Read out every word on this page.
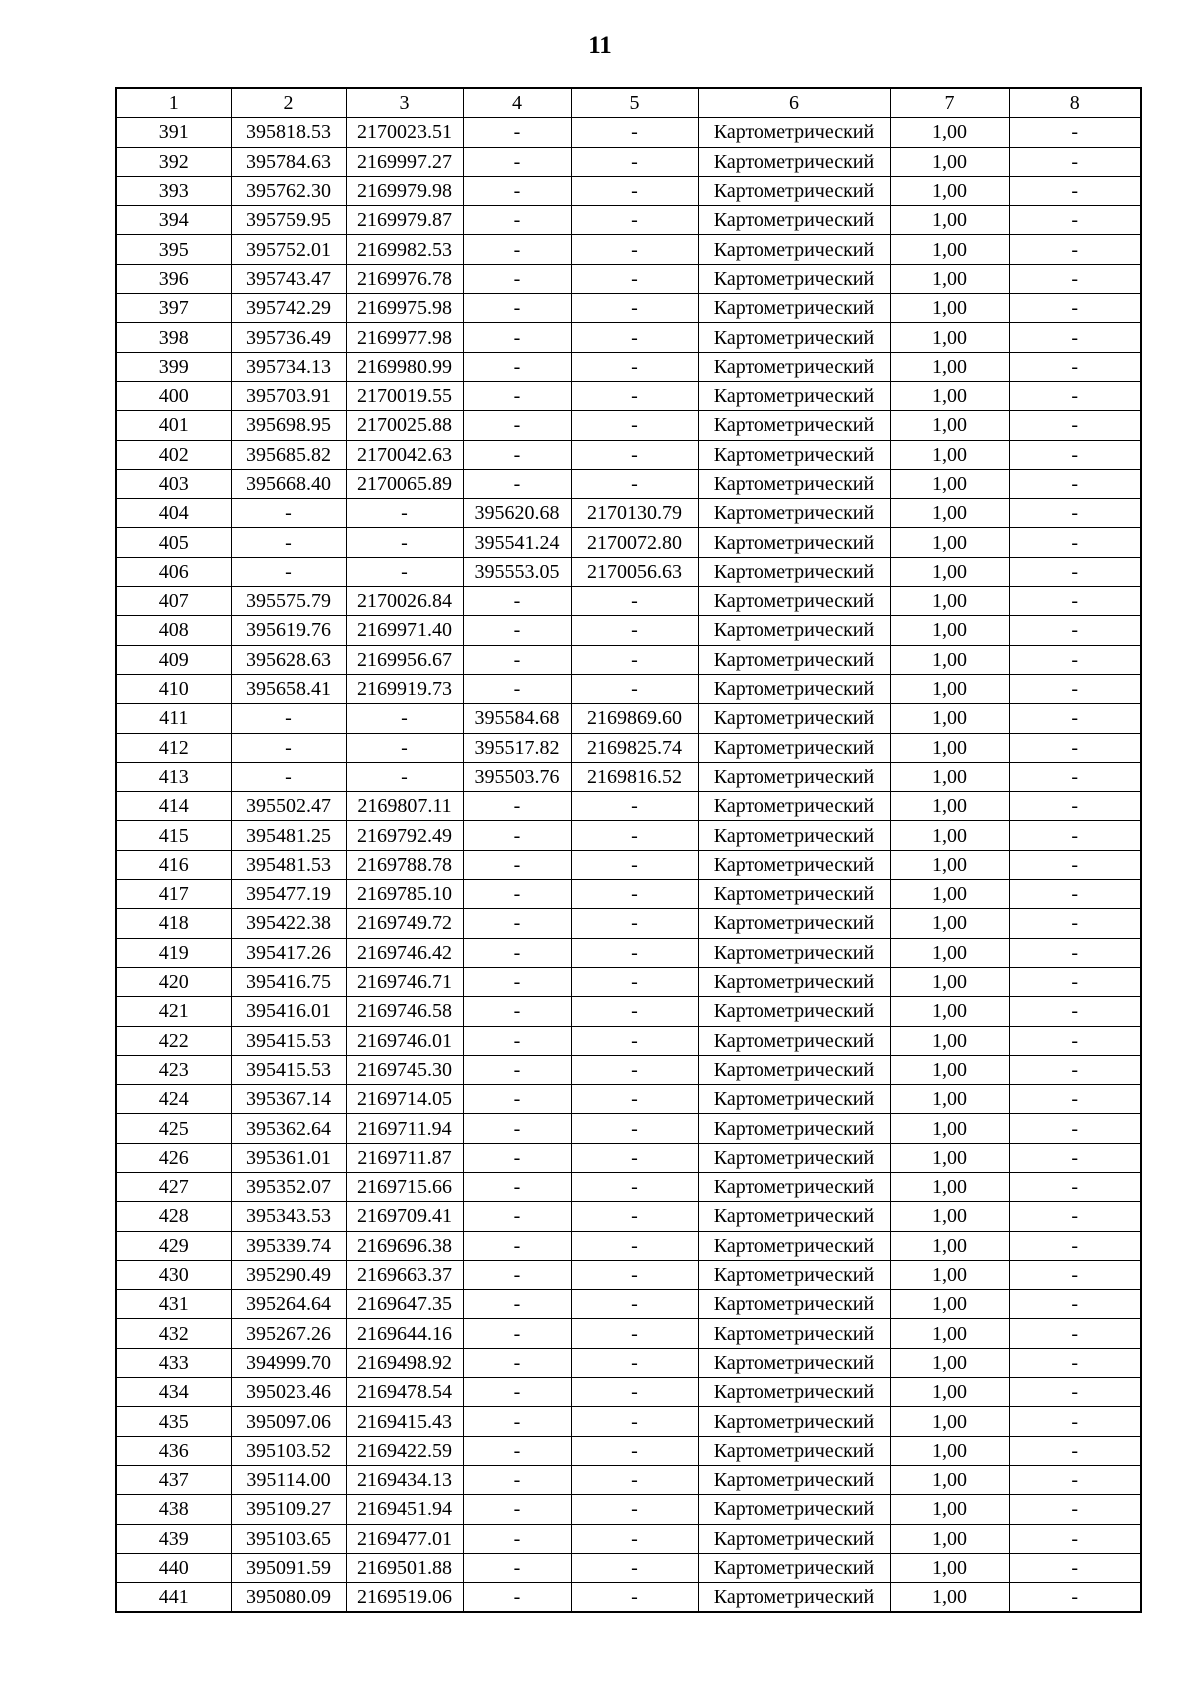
11
1	2	3	4	5	6	7	8
391	395818.53	2170023.51	-	-	Картометрический	1,00	-
392	395784.63	2169997.27	-	-	Картометрический	1,00	-
393	395762.30	2169979.98	-	-	Картометрический	1,00	-
394	395759.95	2169979.87	-	-	Картометрический	1,00	-
395	395752.01	2169982.53	-	-	Картометрический	1,00	-
396	395743.47	2169976.78	-	-	Картометрический	1,00	-
397	395742.29	2169975.98	-	-	Картометрический	1,00	-
398	395736.49	2169977.98	-	-	Картометрический	1,00	-
399	395734.13	2169980.99	-	-	Картометрический	1,00	-
400	395703.91	2170019.55	-	-	Картометрический	1,00	-
401	395698.95	2170025.88	-	-	Картометрический	1,00	-
402	395685.82	2170042.63	-	-	Картометрический	1,00	-
403	395668.40	2170065.89	-	-	Картометрический	1,00	-
404	-	-	395620.68	2170130.79	Картометрический	1,00	-
405	-	-	395541.24	2170072.80	Картометрический	1,00	-
406	-	-	395553.05	2170056.63	Картометрический	1,00	-
407	395575.79	2170026.84	-	-	Картометрический	1,00	-
408	395619.76	2169971.40	-	-	Картометрический	1,00	-
409	395628.63	2169956.67	-	-	Картометрический	1,00	-
410	395658.41	2169919.73	-	-	Картометрический	1,00	-
411	-	-	395584.68	2169869.60	Картометрический	1,00	-
412	-	-	395517.82	2169825.74	Картометрический	1,00	-
413	-	-	395503.76	2169816.52	Картометрический	1,00	-
414	395502.47	2169807.11	-	-	Картометрический	1,00	-
415	395481.25	2169792.49	-	-	Картометрический	1,00	-
416	395481.53	2169788.78	-	-	Картометрический	1,00	-
417	395477.19	2169785.10	-	-	Картометрический	1,00	-
418	395422.38	2169749.72	-	-	Картометрический	1,00	-
419	395417.26	2169746.42	-	-	Картометрический	1,00	-
420	395416.75	2169746.71	-	-	Картометрический	1,00	-
421	395416.01	2169746.58	-	-	Картометрический	1,00	-
422	395415.53	2169746.01	-	-	Картометрический	1,00	-
423	395415.53	2169745.30	-	-	Картометрический	1,00	-
424	395367.14	2169714.05	-	-	Картометрический	1,00	-
425	395362.64	2169711.94	-	-	Картометрический	1,00	-
426	395361.01	2169711.87	-	-	Картометрический	1,00	-
427	395352.07	2169715.66	-	-	Картометрический	1,00	-
428	395343.53	2169709.41	-	-	Картометрический	1,00	-
429	395339.74	2169696.38	-	-	Картометрический	1,00	-
430	395290.49	2169663.37	-	-	Картометрический	1,00	-
431	395264.64	2169647.35	-	-	Картометрический	1,00	-
432	395267.26	2169644.16	-	-	Картометрический	1,00	-
433	394999.70	2169498.92	-	-	Картометрический	1,00	-
434	395023.46	2169478.54	-	-	Картометрический	1,00	-
435	395097.06	2169415.43	-	-	Картометрический	1,00	-
436	395103.52	2169422.59	-	-	Картометрический	1,00	-
437	395114.00	2169434.13	-	-	Картометрический	1,00	-
438	395109.27	2169451.94	-	-	Картометрический	1,00	-
439	395103.65	2169477.01	-	-	Картометрический	1,00	-
440	395091.59	2169501.88	-	-	Картометрический	1,00	-
441	395080.09	2169519.06	-	-	Картометрический	1,00	-
